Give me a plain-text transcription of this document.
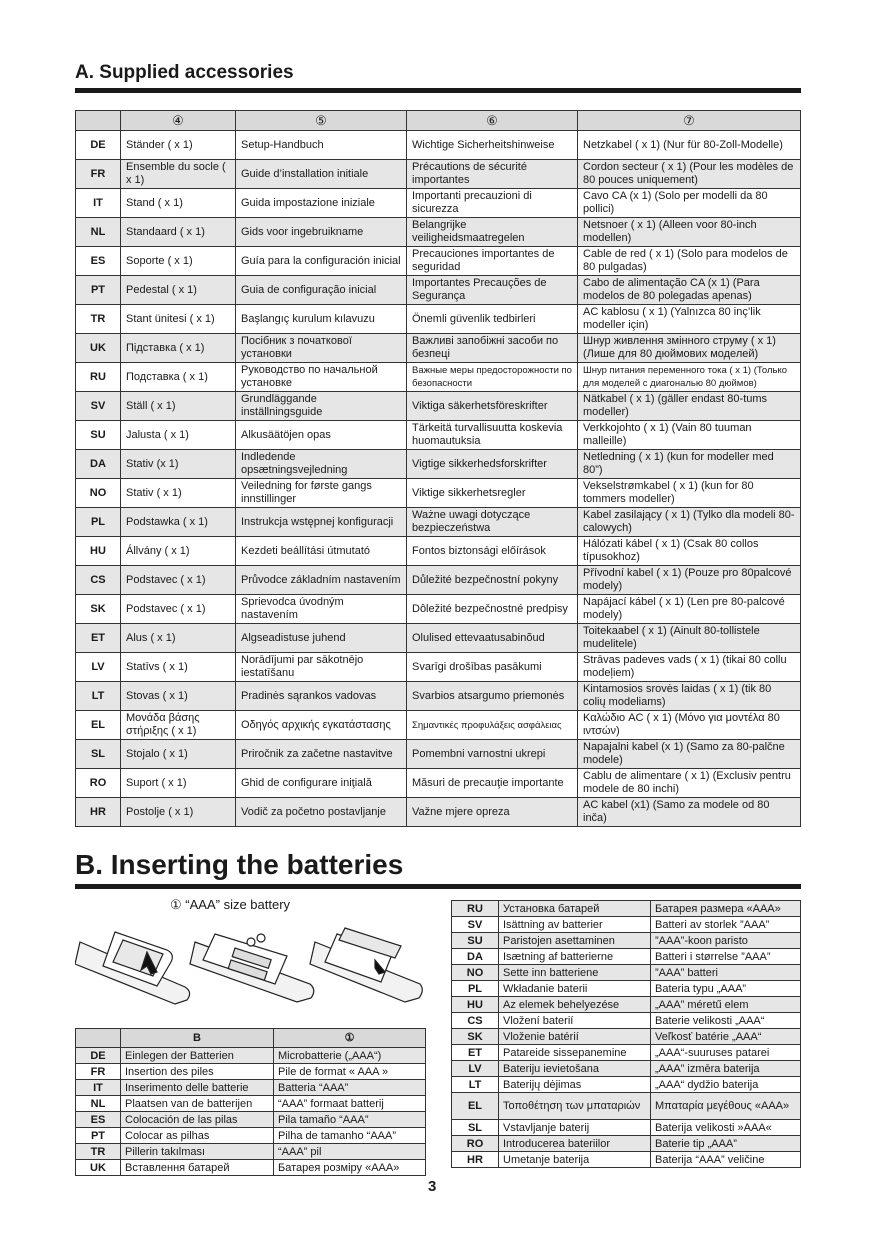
A. Supplied accessories
	④	⑤	⑥	⑦
DE	Ständer ( x 1)	Setup-Handbuch	Wichtige Sicherheitshinweise	Netzkabel ( x 1) (Nur für 80-Zoll-Modelle)
FR	Ensemble du socle ( x 1)	Guide d’installation initiale	Précautions de sécurité importantes	Cordon secteur ( x 1) (Pour les modèles de 80 pouces uniquement)
IT	Stand ( x 1)	Guida impostazione iniziale	Importanti precauzioni di sicurezza	Cavo CA (x 1) (Solo per modelli da 80 pollici)
NL	Standaard ( x 1)	Gids voor ingebruikname	Belangrijke veiligheidsmaatregelen	Netsnoer ( x 1) (Alleen voor 80-inch modellen)
ES	Soporte ( x 1)	Guía para la configuración inicial	Precauciones importantes de seguridad	Cable de red ( x 1) (Solo para modelos de 80 pulgadas)
PT	Pedestal ( x 1)	Guia de configuração inicial	Importantes Precauções de Segurança	Cabo de alimentação CA (x 1) (Para modelos de 80 polegadas apenas)
TR	Stant ünitesi ( x 1)	Başlangıç kurulum kılavuzu	Önemli güvenlik tedbirleri	AC kablosu ( x 1) (Yalnızca 80 inç’lik modeller için)
UK	Підставка ( x 1)	Посібник з початкової установки	Важливі запобіжні засоби по безпеці	Шнур живлення змінного струму ( x 1) (Лише для 80 дюймових моделей)
RU	Подставка ( x 1)	Руководство по начальной установке	Важные меры предосторожности по безопасности	Шнур питания переменного тока ( x 1) (Только для моделей с диагональю 80 дюймов)
SV	Ställ ( x 1)	Grundläggande inställningsguide	Viktiga säkerhetsföreskrifter	Nätkabel ( x 1) (gäller endast 80-tums modeller)
SU	Jalusta ( x 1)	Alkusäätöjen opas	Tärkeitä turvallisuutta koskevia huomautuksia	Verkkojohto ( x 1) (Vain 80 tuuman malleille)
DA	Stativ (x 1)	Indledende opsætningsvejledning	Vigtige sikkerhedsforskrifter	Netledning ( x 1) (kun for modeller med 80”)
NO	Stativ ( x 1)	Veiledning for første gangs innstillinger	Viktige sikkerhetsregler	Vekselstrømkabel ( x 1) (kun for 80 tommers modeller)
PL	Podstawka ( x 1)	Instrukcja wstępnej konfiguracji	Ważne uwagi dotyczące bezpieczeństwa	Kabel zasilający ( x 1) (Tylko dla modeli 80-calowych)
HU	Állvány ( x 1)	Kezdeti beállítási útmutató	Fontos biztonsági előírások	Hálózati kábel ( x 1) (Csak 80 collos típusokhoz)
CS	Podstavec ( x 1)	Průvodce základním nastavením	Důležité bezpečnostní pokyny	Přívodní kabel ( x 1) (Pouze pro 80palcové modely)
SK	Podstavec ( x 1)	Sprievodca úvodným nastavením	Dôležité bezpečnostné predpisy	Napájací kábel ( x 1) (Len pre 80-palcové modely)
ET	Alus ( x 1)	Algseadistuse juhend	Olulised ettevaatusabinõud	Toitekaabel ( x 1) (Ainult 80-tollistele mudelitele)
LV	Statīvs ( x 1)	Norādījumi par sākotnējo iestatīšanu	Svarīgi drošības pasākumi	Strāvas padeves vads ( x 1) (tikai 80 collu modeļiem)
LT	Stovas ( x 1)	Pradinės sąrankos vadovas	Svarbios atsargumo priemonės	Kintamosios srovės laidas ( x 1) (tik 80 colių modeliams)
EL	Μονάδα βάσης στήριξης ( x 1)	Οδηγός αρχικής εγκατάστασης	Σημαντικές προφυλάξεις ασφάλειας	Καλώδιο AC ( x 1) (Μόνο για μοντέλα 80 ιντσών)
SL	Stojalo ( x 1)	Priročnik za začetne nastavitve	Pomembni varnostni ukrepi	Napajalni kabel (x 1) (Samo za 80-palčne modele)
RO	Suport ( x 1)	Ghid de configurare iniţială	Măsuri de precauţie importante	Cablu de alimentare ( x 1) (Exclusiv pentru modele de 80 inchi)
HR	Postolje ( x 1)	Vodič za početno postavljanje	Važne mjere opreza	AC kabel (x1) (Samo za modele od 80 inča)
B. Inserting the batteries
① “AAA” size battery
	B	①
DE	Einlegen der Batterien	Microbatterie („AAA“)
FR	Insertion des piles	Pile de format « AAA »
IT	Inserimento delle batterie	Batteria “AAA”
NL	Plaatsen van de batterijen	“AAA” formaat batterij
ES	Colocación de las pilas	Pila tamaño “AAA”
PT	Colocar as pilhas	Pilha de tamanho “AAA”
TR	Pillerin takılması	“AAA” pil
UK	Вставлення батарей	Батарея розміру «AAA»
RU	Установка батарей	Батарея размера «AAA»
SV	Isättning av batterier	Batteri av storlek ”AAA”
SU	Paristojen asettaminen	”AAA”-koon paristo
DA	Isætning af batterierne	Batteri i størrelse ”AAA”
NO	Sette inn batteriene	”AAA” batteri
PL	Wkładanie baterii	Bateria typu „AAA”
HU	Az elemek behelyezése	„AAA” méretű elem
CS	Vložení baterií	Baterie velikosti „AAA“
SK	Vloženie batérií	Veľkosť batérie „AAA“
ET	Patareide sissepanemine	„AAA“-suuruses patarei
LV	Bateriju ievietošana	„AAA” izmēra baterija
LT	Baterijų dėjimas	„AAA“ dydžio baterija
EL	Τοποθέτηση των μπαταριών	Μπαταρία μεγέθους «ΑΑΑ»
SL	Vstavljanje baterij	Baterija velikosti »AAA«
RO	Introducerea bateriilor	Baterie tip „AAA”
HR	Umetanje baterija	Baterija “AAA” veličine
3
